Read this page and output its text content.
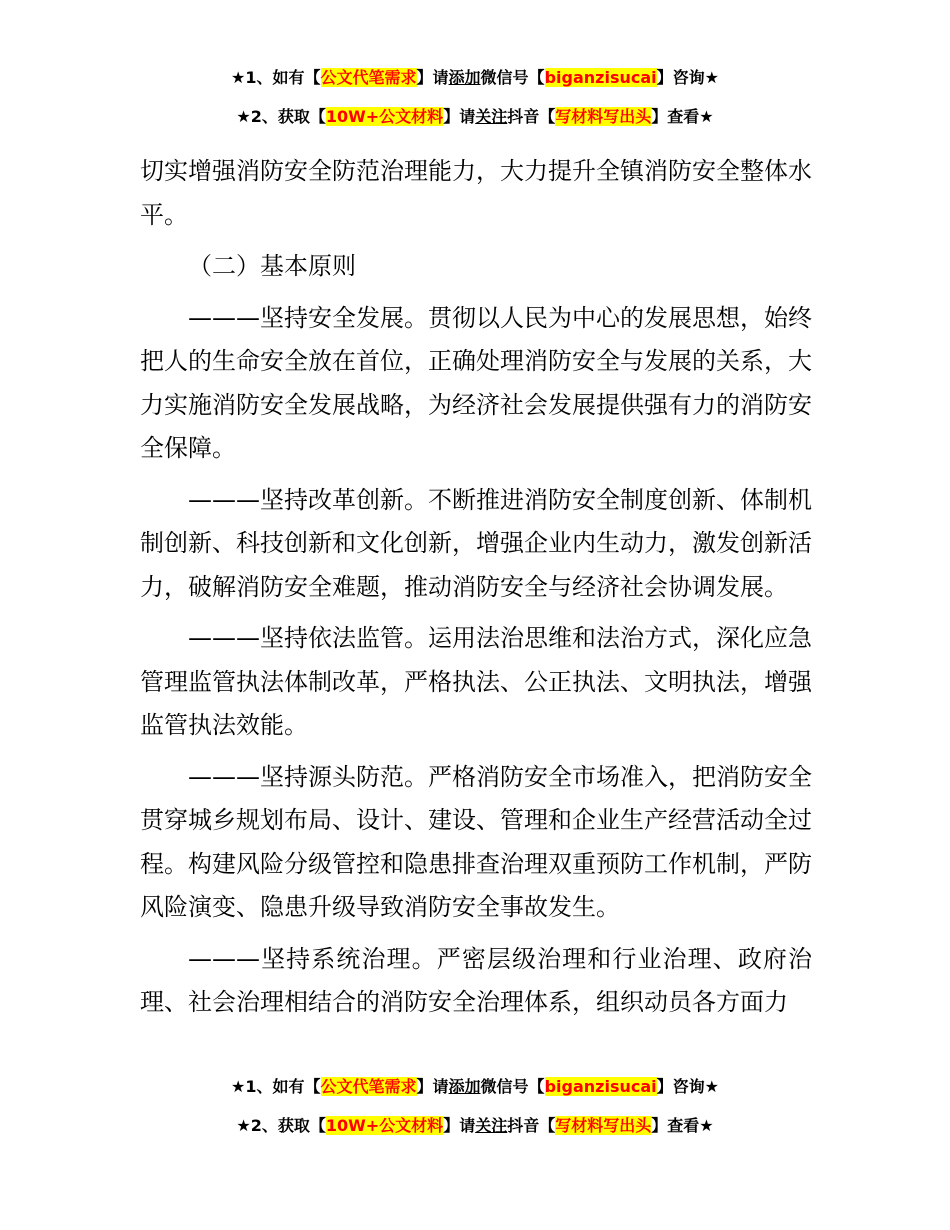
★1、如有【公文代笔需求】请添加微信号【biganzisucai】咨询★
★2、获取【10W+公文材料】请关注抖音【写材料写出头】查看★

切实增强消防安全防范治理能力，大力提升全镇消防安全整体水平。

（二）基本原则

———坚持安全发展。贯彻以人民为中心的发展思想，始终把人的生命安全放在首位，正确处理消防安全与发展的关系，大力实施消防安全发展战略，为经济社会发展提供强有力的消防安全保障。

———坚持改革创新。不断推进消防安全制度创新、体制机制创新、科技创新和文化创新，增强企业内生动力，激发创新活力，破解消防安全难题，推动消防安全与经济社会协调发展。

———坚持依法监管。运用法治思维和法治方式，深化应急管理监管执法体制改革，严格执法、公正执法、文明执法，增强监管执法效能。

———坚持源头防范。严格消防安全市场准入，把消防安全贯穿城乡规划布局、设计、建设、管理和企业生产经营活动全过程。构建风险分级管控和隐患排查治理双重预防工作机制，严防风险演变、隐患升级导致消防安全事故发生。

———坚持系统治理。严密层级治理和行业治理、政府治理、社会治理相结合的消防安全治理体系，组织动员各方面力

★1、如有【公文代笔需求】请添加微信号【biganzisucai】咨询★
★2、获取【10W+公文材料】请关注抖音【写材料写出头】查看★
